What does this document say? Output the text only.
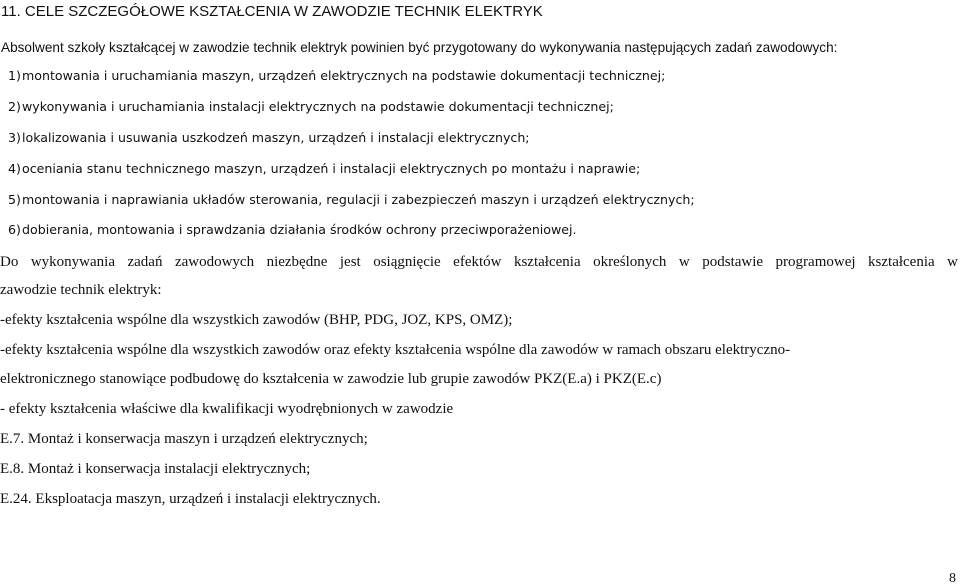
11. CELE SZCZEGÓŁOWE KSZTAŁCENIA W ZAWODZIE TECHNIK ELEKTRYK
Absolwent szkoły kształcącej w zawodzie technik elektryk powinien być przygotowany do wykonywania następujących zadań zawodowych:
1) montowania i uruchamiania maszyn, urządzeń elektrycznych na podstawie dokumentacji technicznej;
2) wykonywania i uruchamiania instalacji elektrycznych na podstawie dokumentacji technicznej;
3) lokalizowania i usuwania uszkodzeń maszyn, urządzeń i instalacji elektrycznych;
4) oceniania stanu technicznego maszyn, urządzeń i instalacji elektrycznych po montażu i naprawie;
5) montowania i naprawiania układów sterowania, regulacji i zabezpieczeń maszyn i urządzeń elektrycznych;
6) dobierania, montowania i sprawdzania działania środków ochrony przeciwporażeniowej.
Do wykonywania zadań zawodowych niezbędne jest osiągnięcie efektów kształcenia określonych w podstawie programowej kształcenia w
zawodzie technik elektryk:
-efekty kształcenia wspólne dla wszystkich zawodów (BHP, PDG, JOZ, KPS, OMZ);
-efekty kształcenia wspólne dla wszystkich zawodów oraz efekty kształcenia wspólne dla zawodów w ramach obszaru elektryczno-
elektronicznego stanowiące podbudowę do kształcenia w zawodzie lub grupie zawodów PKZ(E.a) i PKZ(E.c)
- efekty kształcenia właściwe dla kwalifikacji wyodrębnionych w zawodzie
E.7. Montaż i konserwacja maszyn i urządzeń elektrycznych;
E.8. Montaż i konserwacja instalacji elektrycznych;
E.24. Eksploatacja maszyn, urządzeń i instalacji elektrycznych.
8
